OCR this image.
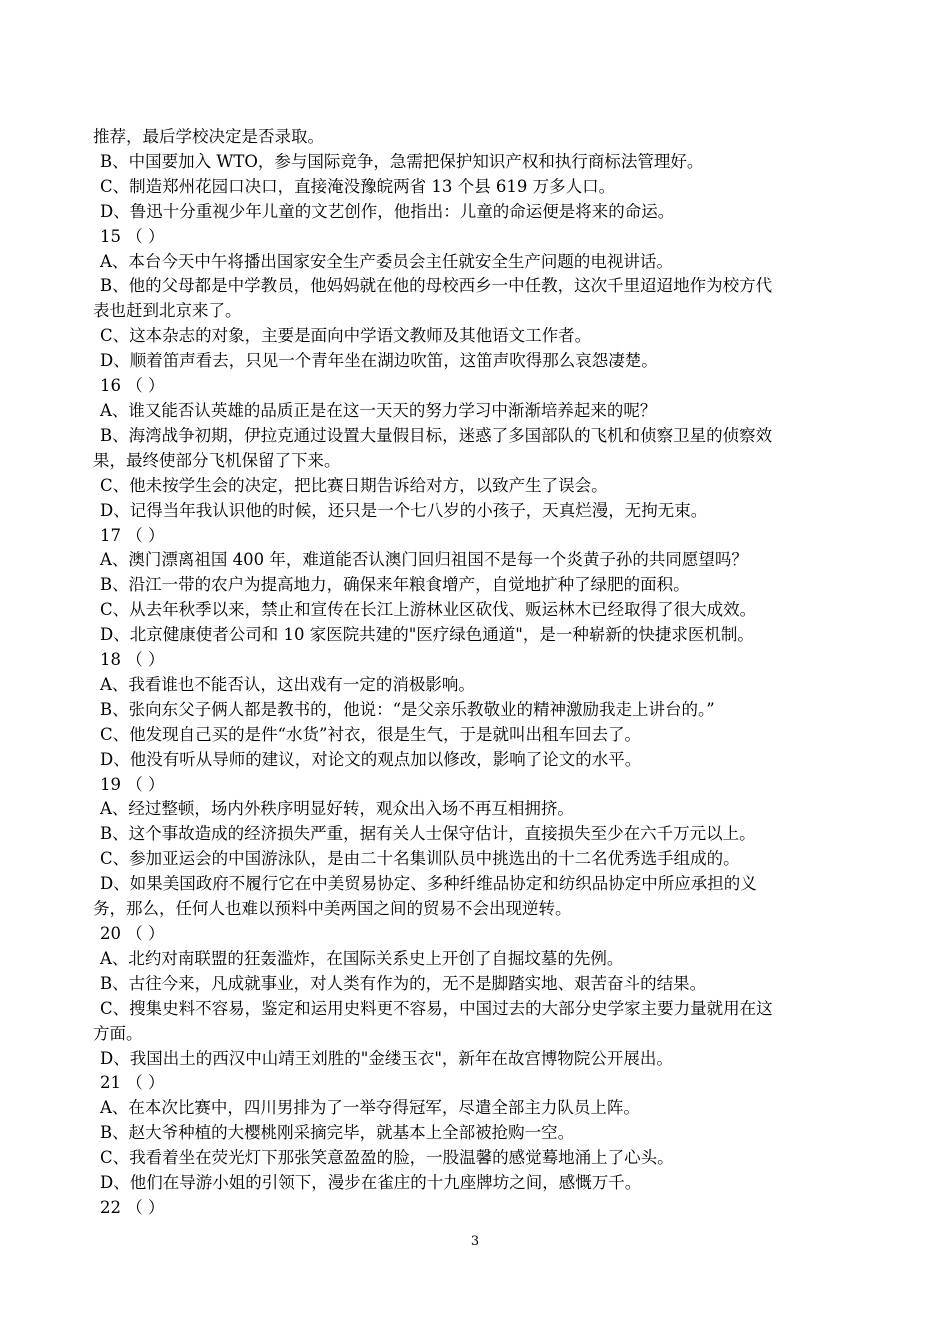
推荐，最后学校决定是否录取。
B、中国要加入 WTO，参与国际竞争，急需把保护知识产权和执行商标法管理好。
C、制造郑州花园口决口，直接淹没豫皖两省 13 个县 619 万多人口。
D、鲁迅十分重视少年儿童的文艺创作，他指出：儿童的命运便是将来的命运。
15 （ ）
A、本台今天中午将播出国家安全生产委员会主任就安全生产问题的电视讲话。
B、他的父母都是中学教员，他妈妈就在他的母校西乡一中任教，这次千里迢迢地作为校方代
表也赶到北京来了。
C、这本杂志的对象，主要是面向中学语文教师及其他语文工作者。
D、顺着笛声看去，只见一个青年坐在湖边吹笛，这笛声吹得那么哀怨凄楚。
16 （ ）
A、谁又能否认英雄的品质正是在这一天天的努力学习中渐渐培养起来的呢？
B、海湾战争初期，伊拉克通过设置大量假目标，迷惑了多国部队的飞机和侦察卫星的侦察效
果，最终使部分飞机保留了下来。
C、他未按学生会的决定，把比赛日期告诉给对方，以致产生了误会。
D、记得当年我认识他的时候，还只是一个七八岁的小孩子，天真烂漫，无拘无束。
17 （ ）
A、澳门漂离祖国 400 年，难道能否认澳门回归祖国不是每一个炎黄子孙的共同愿望吗？
B、沿江一带的农户为提高地力，确保来年粮食增产，自觉地扩种了绿肥的面积。
C、从去年秋季以来，禁止和宣传在长江上游林业区砍伐、贩运林木已经取得了很大成效。
D、北京健康使者公司和 10 家医院共建的"医疗绿色通道"，是一种崭新的快捷求医机制。
18 （ ）
A、我看谁也不能否认，这出戏有一定的消极影响。
B、张向东父子俩人都是教书的，他说：“是父亲乐教敬业的精神激励我走上讲台的。”
C、他发现自己买的是件“水货”衬衣，很是生气，于是就叫出租车回去了。
D、他没有听从导师的建议，对论文的观点加以修改，影响了论文的水平。
19 （ ）
A、经过整顿，场内外秩序明显好转，观众出入场不再互相拥挤。
B、这个事故造成的经济损失严重，据有关人士保守估计，直接损失至少在六千万元以上。
C、参加亚运会的中国游泳队，是由二十名集训队员中挑选出的十二名优秀选手组成的。
D、如果美国政府不履行它在中美贸易协定、多种纤维品协定和纺织品协定中所应承担的义
务，那么，任何人也难以预料中美两国之间的贸易不会出现逆转。
20 （ ）
A、北约对南联盟的狂轰滥炸，在国际关系史上开创了自掘坟墓的先例。
B、古往今来，凡成就事业，对人类有作为的，无不是脚踏实地、艰苦奋斗的结果。
C、搜集史料不容易，鉴定和运用史料更不容易，中国过去的大部分史学家主要力量就用在这
方面。
D、我国出土的西汉中山靖王刘胜的"金缕玉衣"，新年在故宫博物院公开展出。
21 （ ）
A、在本次比赛中，四川男排为了一举夺得冠军，尽遣全部主力队员上阵。
B、赵大爷种植的大樱桃刚采摘完毕，就基本上全部被抢购一空。
C、我看着坐在荧光灯下那张笑意盈盈的脸，一股温馨的感觉蓦地涌上了心头。
D、他们在导游小姐的引领下，漫步在雀庄的十九座牌坊之间，感慨万千。
22 （ ）
3
